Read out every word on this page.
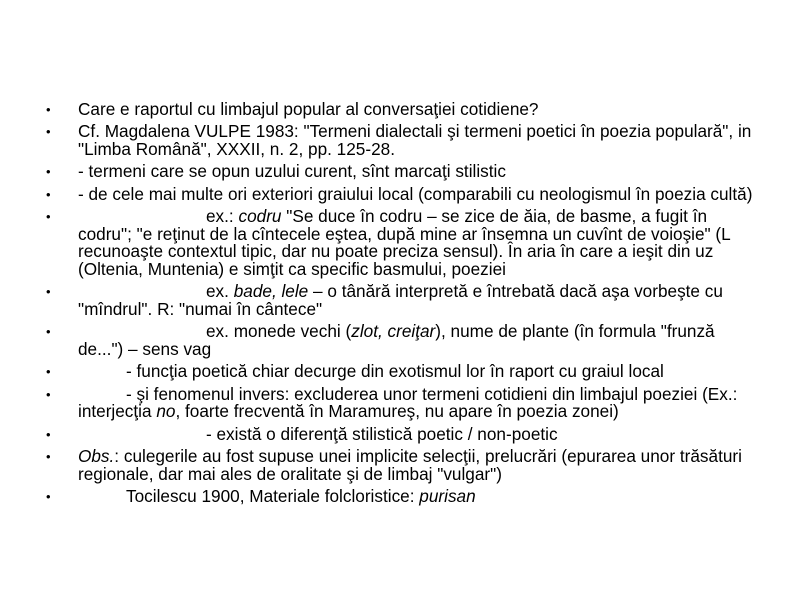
• Care e raportul cu limbajul popular al conversaţiei cotidiene?
• Cf. Magdalena VULPE 1983: "Termeni dialectali şi termeni poetici în poezia populară", in "Limba Română", XXXII, n. 2, pp. 125-28.
• - termeni care se opun uzului curent, sînt marcaţi stilistic
• - de cele mai multe ori exteriori graiului local (comparabili cu neologismul în poezia cultă)
•	ex.: codru "Se duce în codru – se zice de ăia, de basme, a fugit în codru"; "e reţinut de la cîntecele eştea, după mine ar însemna un cuvînt de voioşie" (L recunoaşte contextul tipic, dar nu poate preciza sensul). În aria în care a ieşit din uz (Oltenia, Muntenia) e simţit ca specific basmului, poeziei
•	ex. bade, lele – o tânără interpretă e întrebată dacă aşa vorbeşte cu "mîndrul". R: "numai în cântece"
•	ex. monede vechi (zlot, creiţar), nume de plante (în formula "frunză de...") – sens vag
•	- funcţia poetică chiar decurge din exotismul lor în raport cu graiul local
•	- şi fenomenul invers: excluderea unor termeni cotidieni din limbajul poeziei (Ex.: interjecţia no, foarte frecventă în Maramureş, nu apare în poezia zonei)
•	- există o diferenţă stilistică poetic / non-poetic
• Obs.: culegerile au fost supuse unei implicite selecţii, prelucrări (epurarea unor trăsături regionale, dar mai ales de oralitate şi de limbaj "vulgar")
•	Tocilescu 1900, Materiale folcloristice: purisan
